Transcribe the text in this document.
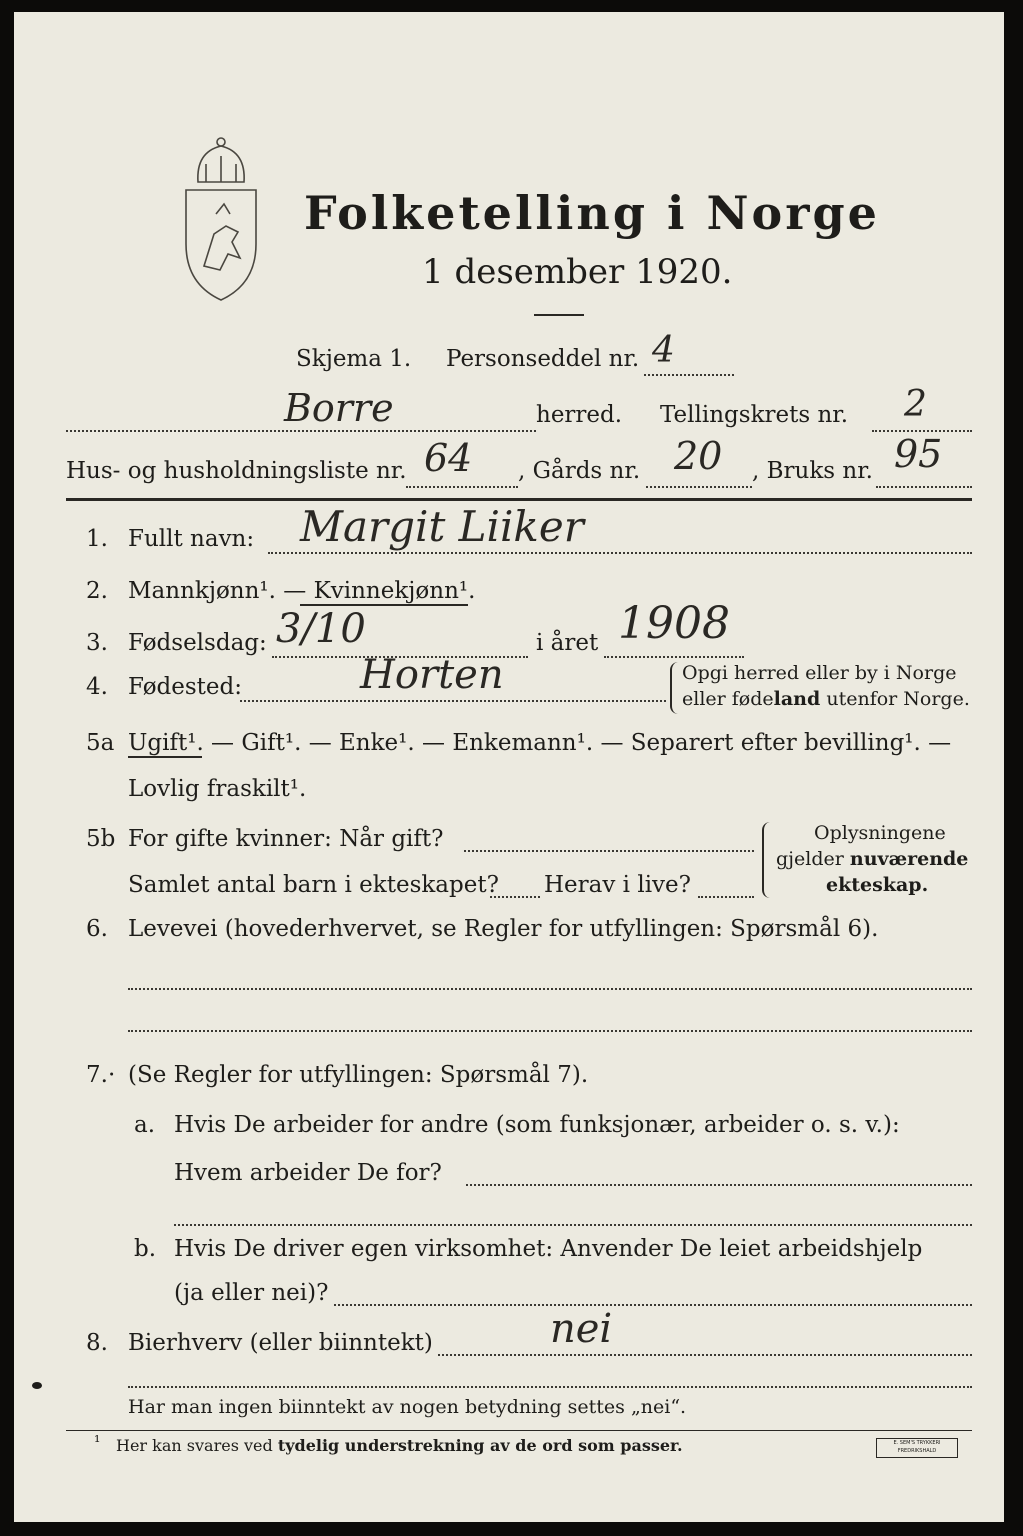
Folketelling i Norge
1 desember 1920.
Skjema 1. Personseddel nr. 4
Borre	herred. Tellingskrets nr. 2
Hus- og husholdningsliste nr. 64 , Gårds nr. 20 , Bruks nr. 95
1. Fullt navn: Margit Liiker
2. Mannkjønn¹. — Kvinnekjønn¹.
3. Fødselsdag: 3/10	i året 1908
4. Fødested:	Horten	Opgi herred eller by i Norge
eller fødeland utenfor Norge.
5a Ugift¹. — Gift¹. — Enke¹. — Enkemann¹. — Separert efter bevilling¹. —
Lovlig fraskilt¹.
5b For gifte kvinner: Når gift?
Samlet antal barn i ekteskapet? Herav i live?
Oplysningene
gjelder nuværende
ekteskap.
6. Levevei (hovederhvervet, se Regler for utfyllingen: Spørsmål 6).
7.· (Se Regler for utfyllingen: Spørsmål 7).
a. Hvis De arbeider for andre (som funksjonær, arbeider o. s. v.):
Hvem arbeider De for?
b. Hvis De driver egen virksomhet: Anvender De leiet arbeidshjelp
(ja eller nei)?
8. Bierhverv (eller biinntekt)	nei
Har man ingen biinntekt av nogen betydning settes „nei“.
¹ Her kan svares ved tydelig understrekning av de ord som passer.	E. SEM'S TRYKKERI FREDRIKSHALD
